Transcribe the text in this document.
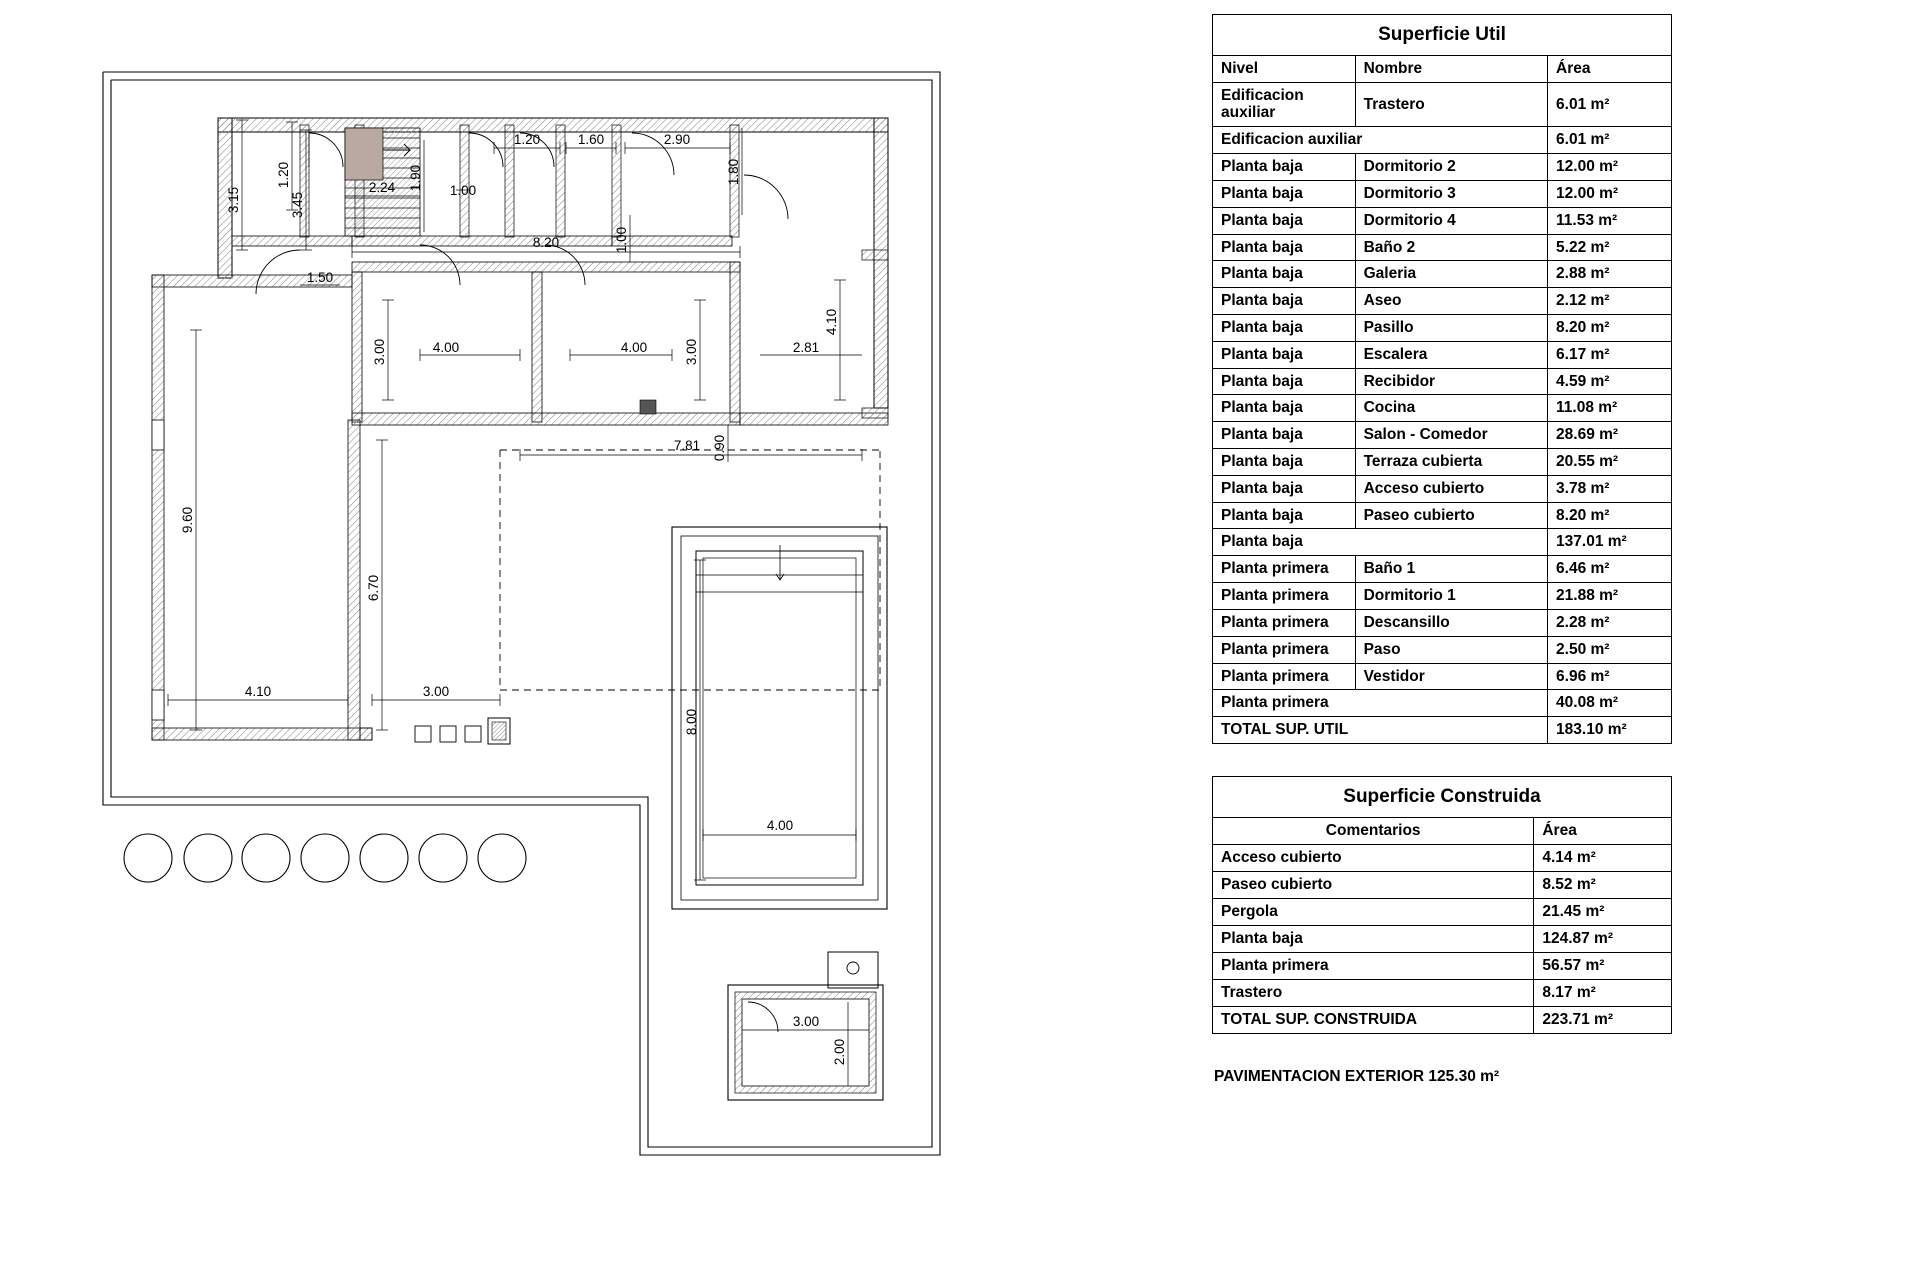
3.15
1.20
3.45
2.24 1.90 1.00
1.20	1.60	2.90
1.80
8.20	1.00
1.50
3.00	4.00	4.00	3.00	2.81
4.10
7.81 0.90
9.60
6.70
4.10	3.00
8.00
4.00
3.00
2.00
Superficie Util		
Nivel	Nombre	Área
Edificacion auxiliar	Trastero	6.01 m²
Edificacion auxiliar		6.01 m²
Planta baja	Dormitorio 2	12.00 m²
Planta baja	Dormitorio 3	12.00 m²
Planta baja	Dormitorio 4	11.53 m²
Planta baja	Baño 2	5.22 m²
Planta baja	Galeria	2.88 m²
Planta baja	Aseo	2.12 m²
Planta baja	Pasillo	8.20 m²
Planta baja	Escalera	6.17 m²
Planta baja	Recibidor	4.59 m²
Planta baja	Cocina	11.08 m²
Planta baja	Salon - Comedor	28.69 m²
Planta baja	Terraza cubierta	20.55 m²
Planta baja	Acceso cubierto	3.78 m²
Planta baja	Paseo cubierto	8.20 m²
Planta baja		137.01 m²
Planta primera	Baño 1	6.46 m²
Planta primera	Dormitorio 1	21.88 m²
Planta primera	Descansillo	2.28 m²
Planta primera	Paso	2.50 m²
Planta primera	Vestidor	6.96 m²
Planta primera		40.08 m²
TOTAL SUP. UTIL		183.10 m²
Superficie Construida	
Comentarios	Área
Acceso cubierto	4.14 m²
Paseo cubierto	8.52 m²
Pergola	21.45 m²
Planta baja	124.87 m²
Planta primera	56.57 m²
Trastero	8.17 m²
TOTAL SUP. CONSTRUIDA	223.71 m²
PAVIMENTACION EXTERIOR 125.30 m²
